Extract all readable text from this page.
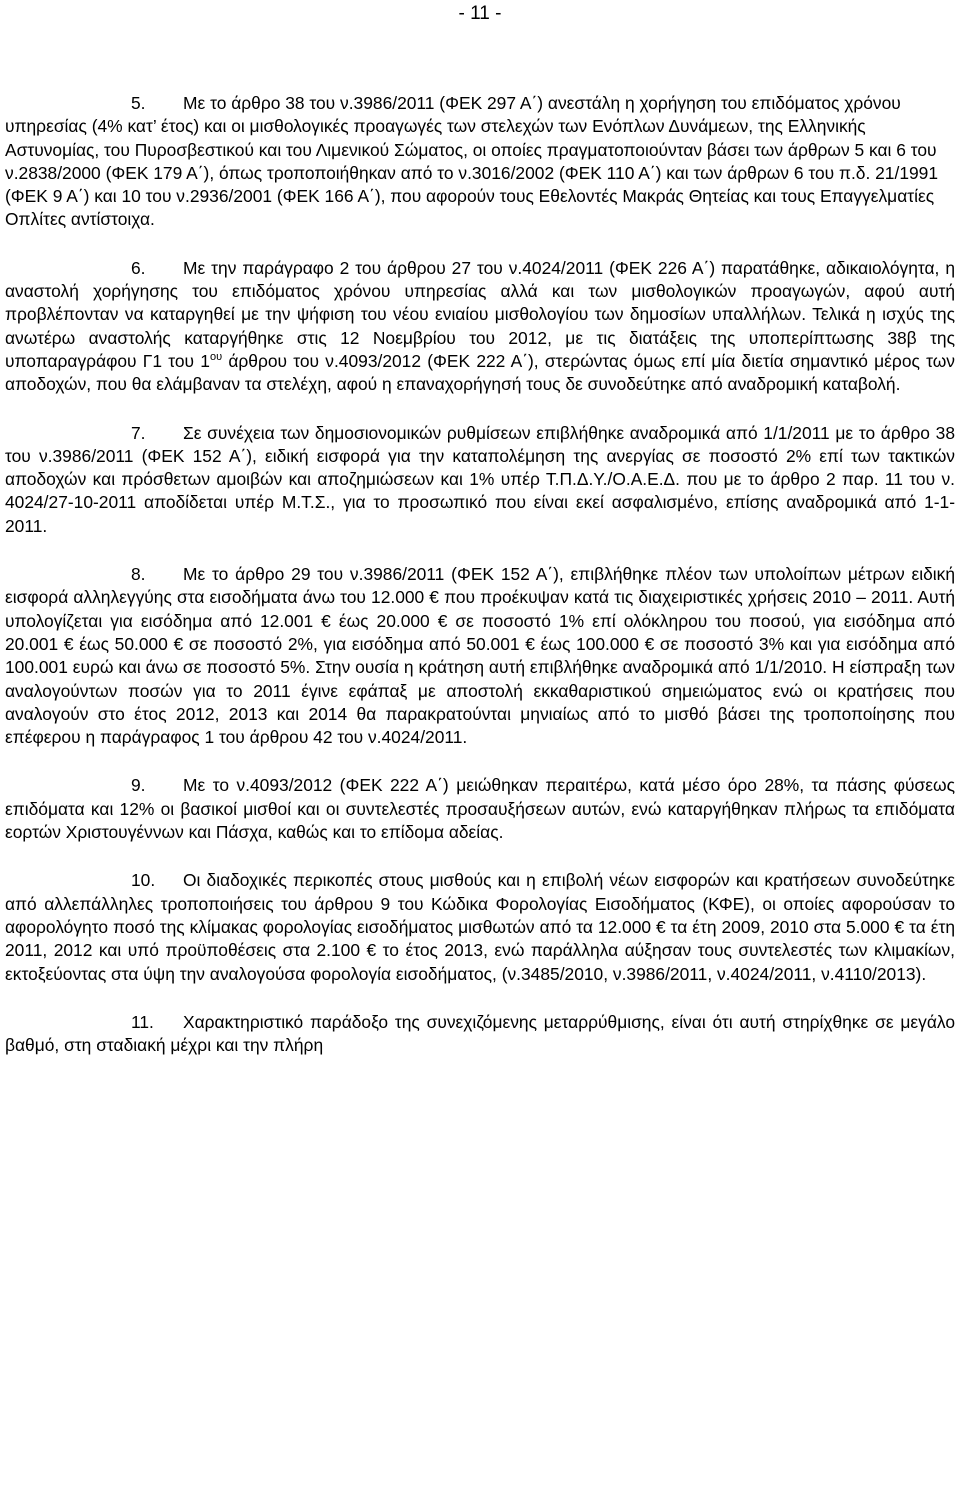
- 11 -

5. Με το άρθρο 38 του ν.3986/2011 (ΦΕΚ 297 Α΄) ανεστάλη η χορήγηση του επιδόματος χρόνου υπηρεσίας (4% κατ’ έτος) και οι μισθολογικές προαγωγές των στελεχών των Ενόπλων Δυνάμεων, της Ελληνικής Αστυνομίας, του Πυροσβεστικού και του Λιμενικού Σώματος, οι οποίες πραγματοποιούνταν βάσει των άρθρων 5 και 6 του ν.2838/2000 (ΦΕΚ 179 Α΄), όπως τροποποιήθηκαν από το ν.3016/2002 (ΦΕΚ 110 Α΄) και των άρθρων 6 του π.δ. 21/1991 (ΦΕΚ 9 Α΄) και 10 του ν.2936/2001 (ΦΕΚ 166 Α΄), που αφορούν τους Εθελοντές Μακράς Θητείας και τους Επαγγελματίες Οπλίτες αντίστοιχα.

6. Με την παράγραφο 2 του άρθρου 27 του ν.4024/2011 (ΦΕΚ 226 Α΄) παρατάθηκε, αδικαιολόγητα, η αναστολή χορήγησης του επιδόματος χρόνου υπηρεσίας αλλά και των μισθολογικών προαγωγών, αφού αυτή προβλέπονταν να καταργηθεί με την ψήφιση του νέου ενιαίου μισθολογίου των δημοσίων υπαλλήλων. Τελικά η ισχύς της ανωτέρω αναστολής καταργήθηκε στις 12 Νοεμβρίου του 2012, με τις διατάξεις της υποπερίπτωσης 38β της υποπαραγράφου Γ1 του $1^{o\upsilon}$ άρθρου του ν.4093/2012 (ΦΕΚ 222 Α΄), στερώντας όμως επί μία διετία σημαντικό μέρος των αποδοχών, που θα ελάμβαναν τα στελέχη, αφού η επαναχορήγησή τους δε συνοδεύτηκε από αναδρομική καταβολή.

7. Σε συνέχεια των δημοσιονομικών ρυθμίσεων επιβλήθηκε αναδρομικά από 1/1/2011 με το άρθρο 38 του ν.3986/2011 (ΦΕΚ 152 Α΄), ειδική εισφορά για την καταπολέμηση της ανεργίας σε ποσοστό 2% επί των τακτικών αποδοχών και πρόσθετων αμοιβών και αποζημιώσεων και 1% υπέρ Τ.Π.Δ.Υ./Ο.Α.Ε.Δ. που με το άρθρο 2 παρ. 11 του ν. 4024/27-10-2011 αποδίδεται υπέρ Μ.Τ.Σ., για το προσωπικό που είναι εκεί ασφαλισμένο, επίσης αναδρομικά από 1-1-2011.

8. Με το άρθρο 29 του ν.3986/2011 (ΦΕΚ 152 Α΄), επιβλήθηκε πλέον των υπολοίπων μέτρων ειδική εισφορά αλληλεγγύης στα εισοδήματα άνω του 12.000 € που προέκυψαν κατά τις διαχειριστικές χρήσεις 2010 – 2011. Αυτή υπολογίζεται για εισόδημα από 12.001 € έως 20.000 € σε ποσοστό 1% επί ολόκληρου του ποσού, για εισόδημα από 20.001 € έως 50.000 € σε ποσοστό 2%, για εισόδημα από 50.001 € έως 100.000 € σε ποσοστό 3% και για εισόδημα από 100.001 ευρώ και άνω σε ποσοστό 5%. Στην ουσία η κράτηση αυτή επιβλήθηκε αναδρομικά από 1/1/2010. Η είσπραξη των αναλογούντων ποσών για το 2011 έγινε εφάπαξ με αποστολή εκκαθαριστικού σημειώματος ενώ οι κρατήσεις που αναλογούν στο έτος 2012, 2013 και 2014 θα παρακρατούνται μηνιαίως από το μισθό βάσει της τροποποίησης που επέφερου η παράγραφος 1 του άρθρου 42 του ν.4024/2011.

9. Με το ν.4093/2012 (ΦΕΚ 222 Α΄) μειώθηκαν περαιτέρω, κατά μέσο όρο 28%, τα πάσης φύσεως επιδόματα και 12% οι βασικοί μισθοί και οι συντελεστές προσαυξήσεων αυτών, ενώ καταργήθηκαν πλήρως τα επιδόματα εορτών Χριστουγέννων και Πάσχα, καθώς και το επίδομα αδείας.

10. Οι διαδοχικές περικοπές στους μισθούς και η επιβολή νέων εισφορών και κρατήσεων συνοδεύτηκε από αλλεπάλληλες τροποποιήσεις του άρθρου 9 του Κώδικα Φορολογίας Εισοδήματος (ΚΦΕ), οι οποίες αφορούσαν το αφορολόγητο ποσό της κλίμακας φορολογίας εισοδήματος μισθωτών από τα 12.000 € τα έτη 2009, 2010 στα 5.000 € τα έτη 2011, 2012 και υπό προϋποθέσεις στα 2.100 € το έτος 2013, ενώ παράλληλα αύξησαν τους συντελεστές των κλιμακίων, εκτοξεύοντας στα ύψη την αναλογούσα φορολογία εισοδήματος, (ν.3485/2010, ν.3986/2011, ν.4024/2011, ν.4110/2013).

11. Χαρακτηριστικό παράδοξο της συνεχιζόμενης μεταρρύθμισης, είναι ότι αυτή στηρίχθηκε σε μεγάλο βαθμό, στη σταδιακή μέχρι και την πλήρη
